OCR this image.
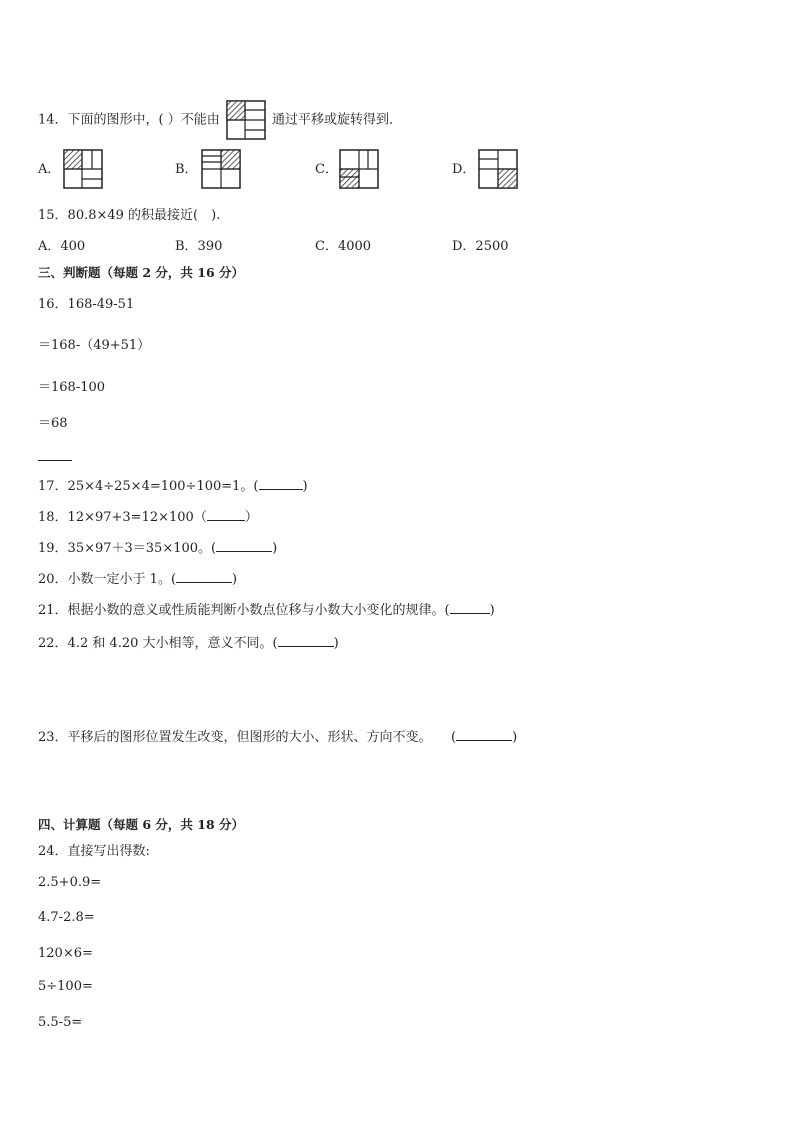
14．下面的图形中，( ）不能由	通过平移或旋转得到．
A．	B．	C．	D．
15．80.8×49 的积最接近(　).
A．400	B．390	C．4000	D．2500
三、判断题（每题 2 分，共 16 分）
16．168-49-51
＝168-（49+51）
＝168-100
＝68
17．25×4÷25×4=100÷100=1。(	)
18．12×97+3=12×100（	）
19．35×97＋3＝35×100。(	)
20．小数一定小于 1。(	)
21．根据小数的意义或性质能判断小数点位移与小数大小变化的规律。(	)
22．4.2 和 4.20 大小相等，意义不同。(	)
23．平移后的图形位置发生改变，但图形的大小、形状、方向不变。　　(	)
四、计算题（每题 6 分，共 18 分）
24．直接写出得数:
2.5+0.9=
4.7-2.8=
120×6=
5÷100=
5.5-5=
